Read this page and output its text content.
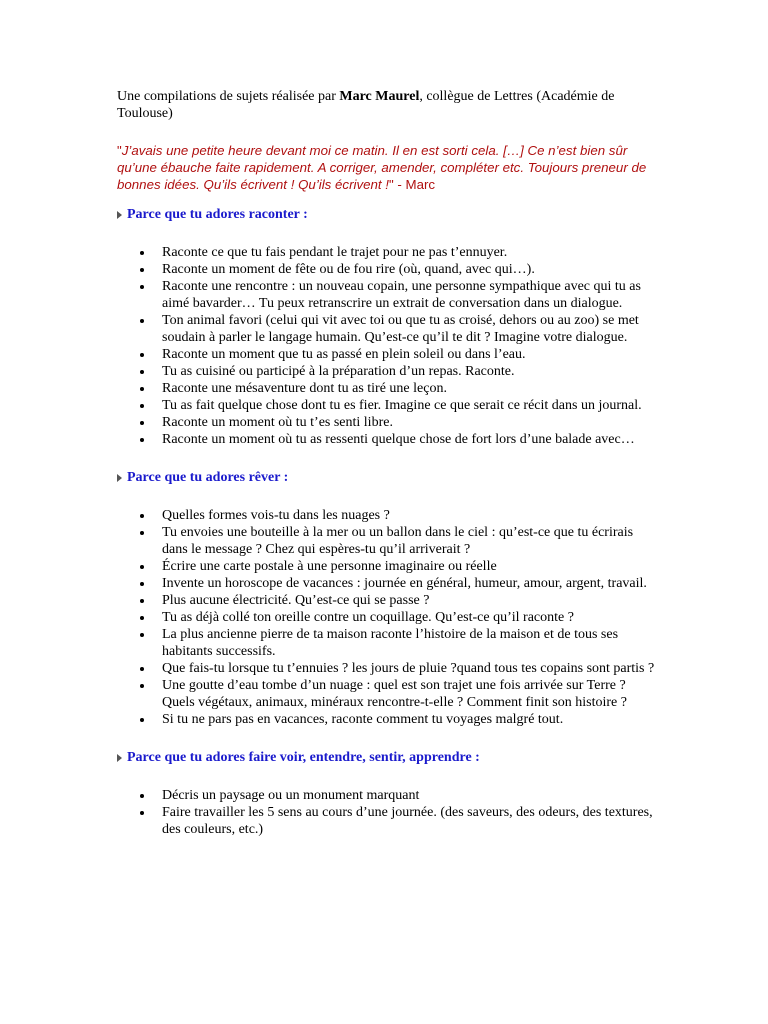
Une compilations de sujets réalisée par Marc Maurel, collègue de Lettres (Académie de Toulouse)

"J’avais une petite heure devant moi ce matin. Il en est sorti cela. […] Ce n’est bien sûr qu’une ébauche faite rapidement. A corriger, amender, compléter etc. Toujours preneur de bonnes idées. Qu’ils écrivent ! Qu’ils écrivent !" - Marc

Parce que tu adores raconter :
Raconte ce que tu fais pendant le trajet pour ne pas t’ennuyer.
Raconte un moment de fête ou de fou rire (où, quand, avec qui…).
Raconte une rencontre : un nouveau copain, une personne sympathique avec qui tu as aimé bavarder… Tu peux retranscrire un extrait de conversation dans un dialogue.
Ton animal favori (celui qui vit avec toi ou que tu as croisé, dehors ou au zoo) se met soudain à parler le langage humain. Qu’est-ce qu’il te dit ? Imagine votre dialogue.
Raconte un moment que tu as passé en plein soleil ou dans l’eau.
Tu as cuisiné ou participé à la préparation d’un repas. Raconte.
Raconte une mésaventure dont tu as tiré une leçon.
Tu as fait quelque chose dont tu es fier. Imagine ce que serait ce récit dans un journal.
Raconte un moment où tu t’es senti libre.
Raconte un moment où tu as ressenti quelque chose de fort lors d’une balade avec…
Parce que tu adores rêver :
Quelles formes vois-tu dans les nuages ?
Tu envoies une bouteille à la mer ou un ballon dans le ciel : qu’est-ce que tu écrirais dans le message ? Chez qui espères-tu qu’il arriverait ?
Écrire une carte postale à une personne imaginaire ou réelle
Invente un horoscope de vacances : journée en général, humeur, amour, argent, travail.
Plus aucune électricité. Qu’est-ce qui se passe ?
Tu as déjà collé ton oreille contre un coquillage. Qu’est-ce qu’il raconte ?
La plus ancienne pierre de ta maison raconte l’histoire de la maison et de tous ses habitants successifs.
Que fais-tu lorsque tu t’ennuies ? les jours de pluie ?quand tous tes copains sont partis ?
Une goutte d’eau tombe d’un nuage : quel est son trajet une fois arrivée sur Terre ? Quels végétaux, animaux, minéraux rencontre-t-elle ? Comment finit son histoire ?
Si tu ne pars pas en vacances, raconte comment tu voyages malgré tout.
Parce que tu adores faire voir, entendre, sentir, apprendre :
Décris un paysage ou un monument marquant
Faire travailler les 5 sens au cours d’une journée. (des saveurs, des odeurs, des textures, des couleurs, etc.)
